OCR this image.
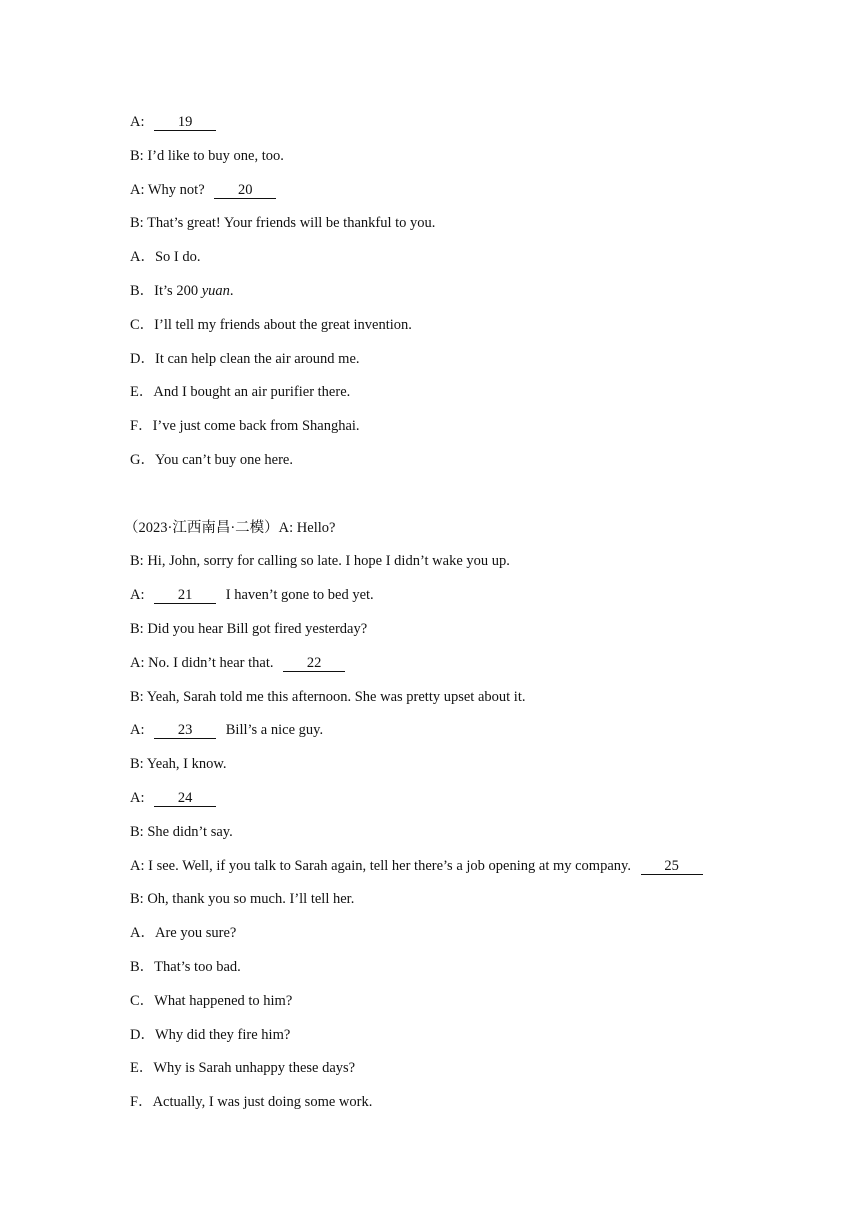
A: 19
B: I’d like to buy one, too.
A: Why not? 20
B: That’s great! Your friends will be thankful to you.
A．So I do.
B．It’s 200 yuan.
C．I’ll tell my friends about the great invention.
D．It can help clean the air around me.
E．And I bought an air purifier there.
F．I’ve just come back from Shanghai.
G．You can’t buy one here.
（2023·江西南昌·二模）A: Hello?
B: Hi, John, sorry for calling so late. I hope I didn’t wake you up.
A: 21 I haven’t gone to bed yet.
B: Did you hear Bill got fired yesterday?
A: No. I didn’t hear that. 22
B: Yeah, Sarah told me this afternoon. She was pretty upset about it.
A: 23 Bill’s a nice guy.
B: Yeah, I know.
A: 24
B: She didn’t say.
A: I see. Well, if you talk to Sarah again, tell her there’s a job opening at my company. 25
B: Oh, thank you so much. I’ll tell her.
A．Are you sure?
B．That’s too bad.
C．What happened to him?
D．Why did they fire him?
E．Why is Sarah unhappy these days?
F．Actually, I was just doing some work.
